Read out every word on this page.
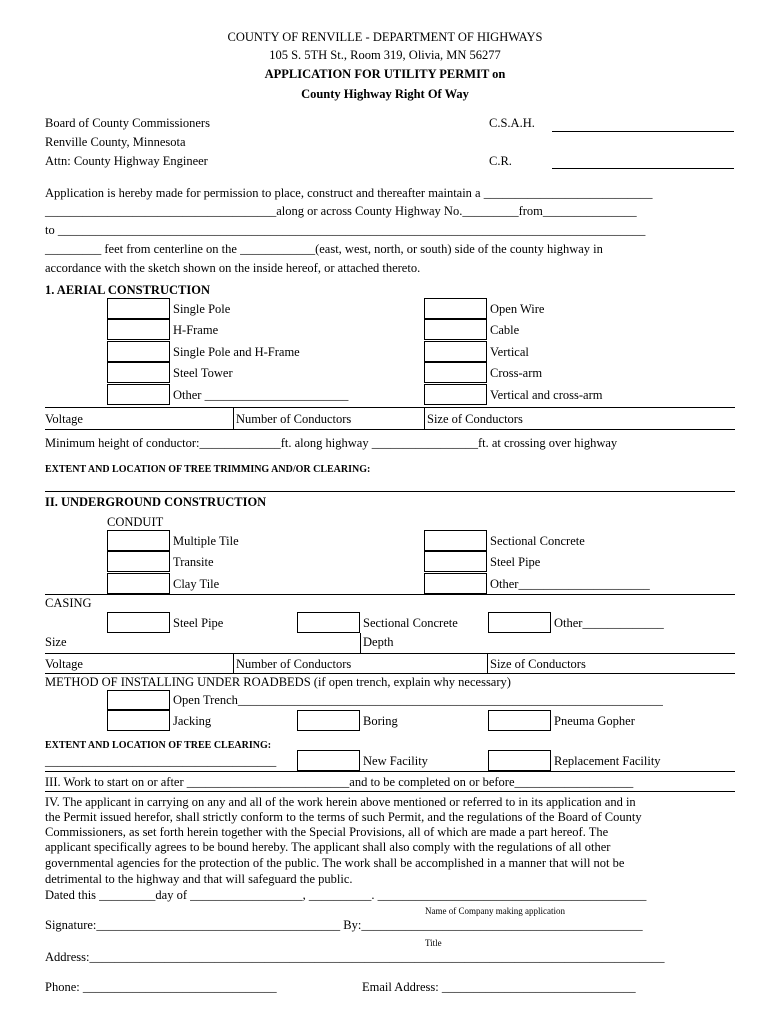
COUNTY OF RENVILLE - DEPARTMENT OF HIGHWAYS
105 S. 5TH St., Room 319, Olivia, MN 56277
APPLICATION FOR UTILITY PERMIT on
County Highway Right Of Way
Board of County Commissioners
Renville County, Minnesota
Attn: County Highway Engineer
C.S.A.H.
C.R.
Application is hereby made for permission to place, construct and thereafter maintain a ___________________________
_____________________________________along or across County Highway No._________from_______________
to ______________________________________________________________________________________________
_________ feet from centerline on the ____________(east, west, north, or south) side of the county highway in
accordance with the sketch shown on the inside hereof, or attached thereto.
1. AERIAL CONSTRUCTION
Single Pole
H-Frame
Single Pole and H-Frame
Steel Tower
Other _______________________
Open Wire
Cable
Vertical
Cross-arm
Vertical and cross-arm
Voltage	Number of Conductors	Size of Conductors
Minimum height of conductor:_____________ft. along highway _________________ft. at crossing over highway
EXTENT AND LOCATION OF TREE TRIMMING AND/OR CLEARING:
II. UNDERGROUND CONSTRUCTION
CONDUIT
Multiple Tile
Transite
Clay Tile
Sectional Concrete
Steel Pipe
Other_____________________
CASING
Steel Pipe	Sectional Concrete	Other_____________
Size	Depth
Voltage	Number of Conductors	Size of Conductors
METHOD OF INSTALLING UNDER ROADBEDS (if open trench, explain why necessary)
Open Trench____________________________________________________________________
Jacking	Boring	Pneuma Gopher
EXTENT AND LOCATION OF TREE CLEARING:
_____________________________________	New Facility	Replacement Facility
III. Work to start on or after __________________________and to be completed on or before___________________
IV. The applicant in carrying on any and all of the work herein above mentioned or referred to in its application and in
the Permit issued herefor, shall strictly conform to the terms of such Permit, and the regulations of the Board of County
Commissioners, as set forth herein together with the Special Provisions, all of which are made a part hereof. The
applicant specifically agrees to be bound hereby. The applicant shall also comply with the regulations of all other
governmental agencies for the protection of the public. The work shall be accomplished in a manner that will not be
detrimental to the highway and that will safeguard the public.
Dated this _________day of __________________, __________. ___________________________________________
Name of Company making application
Signature:_______________________________________ By:_____________________________________________
Title
Address:____________________________________________________________________________________________
Phone: _______________________________	Email Address: _______________________________
